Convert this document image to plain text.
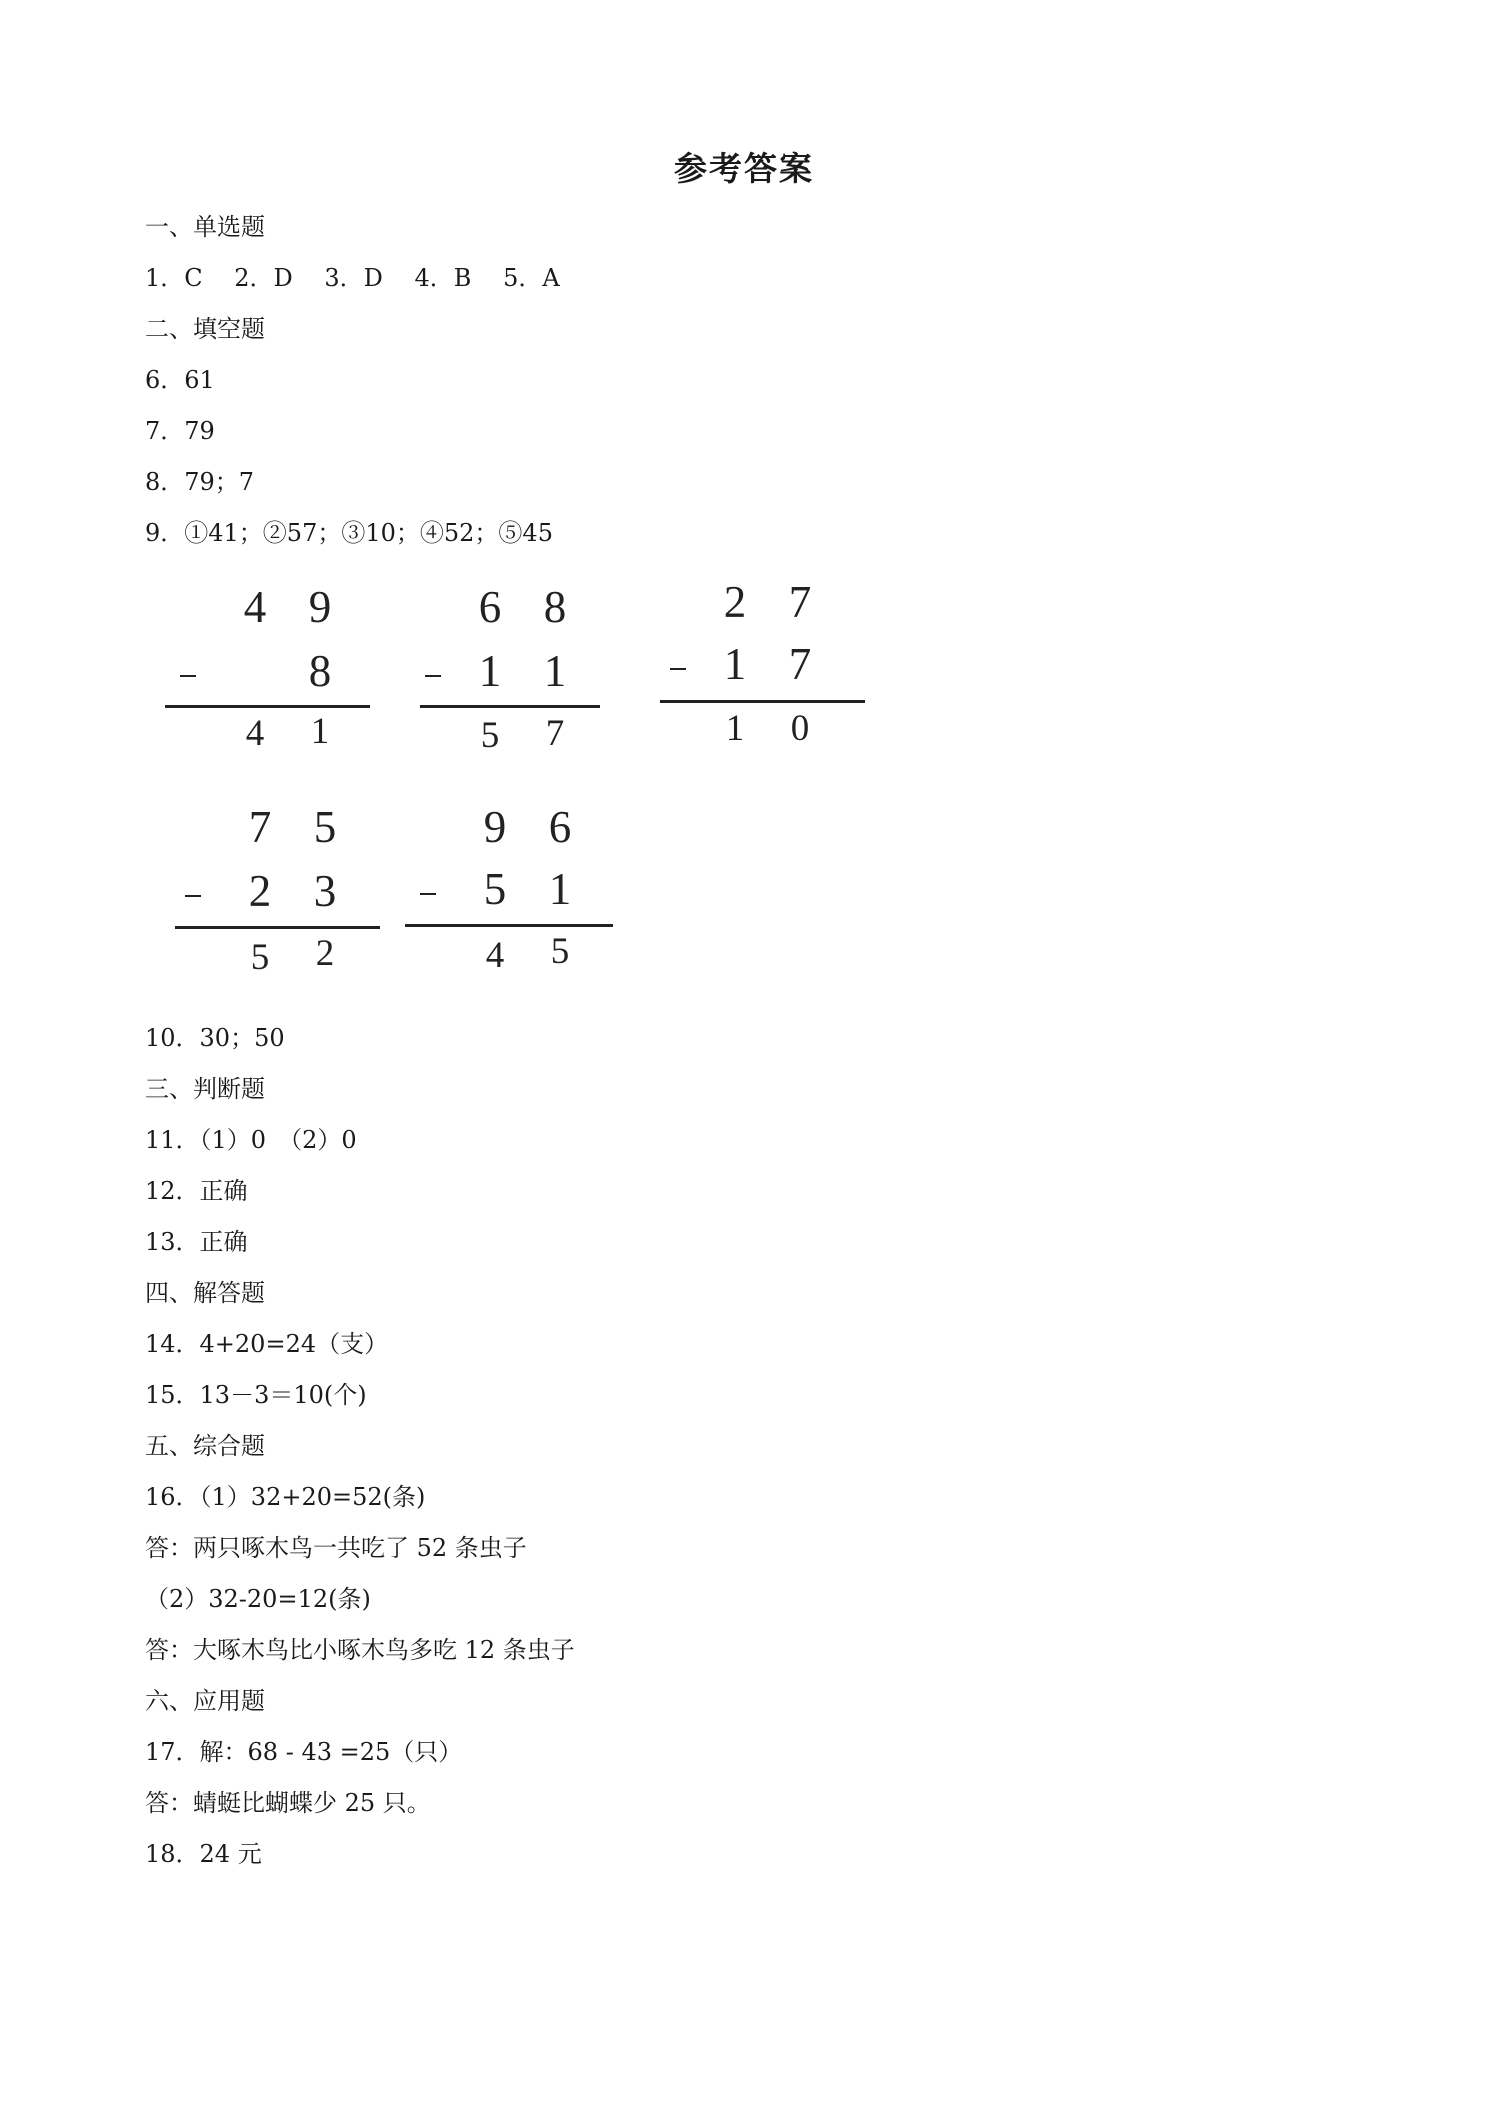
参考答案
一、单选题
1．C　 2．D　 3．D　 4．B　 5．A
二、填空题
6．61
7．79
8．79；7
9．①41；②57；③10；④52；⑤45
4 9
8
4 1
6 8
1 1
5 7
2 7
1 7
1 0
7 5
2 3
5 2
9 6
5 1
4 5
10．30；50
三、判断题
11．（1）0　（2）0
12．正确
13．正确
四、解答题
14．4+20=24（支）
15．13－3＝10(个)
五、综合题
16．（1）32+20=52(条)
答：两只啄木鸟一共吃了 52 条虫子
（2）32-20=12(条)
答：大啄木鸟比小啄木鸟多吃 12 条虫子
六、应用题
17．解：68 - 43 =25（只）
答：蜻蜓比蝴蝶少 25 只。
18．24 元
